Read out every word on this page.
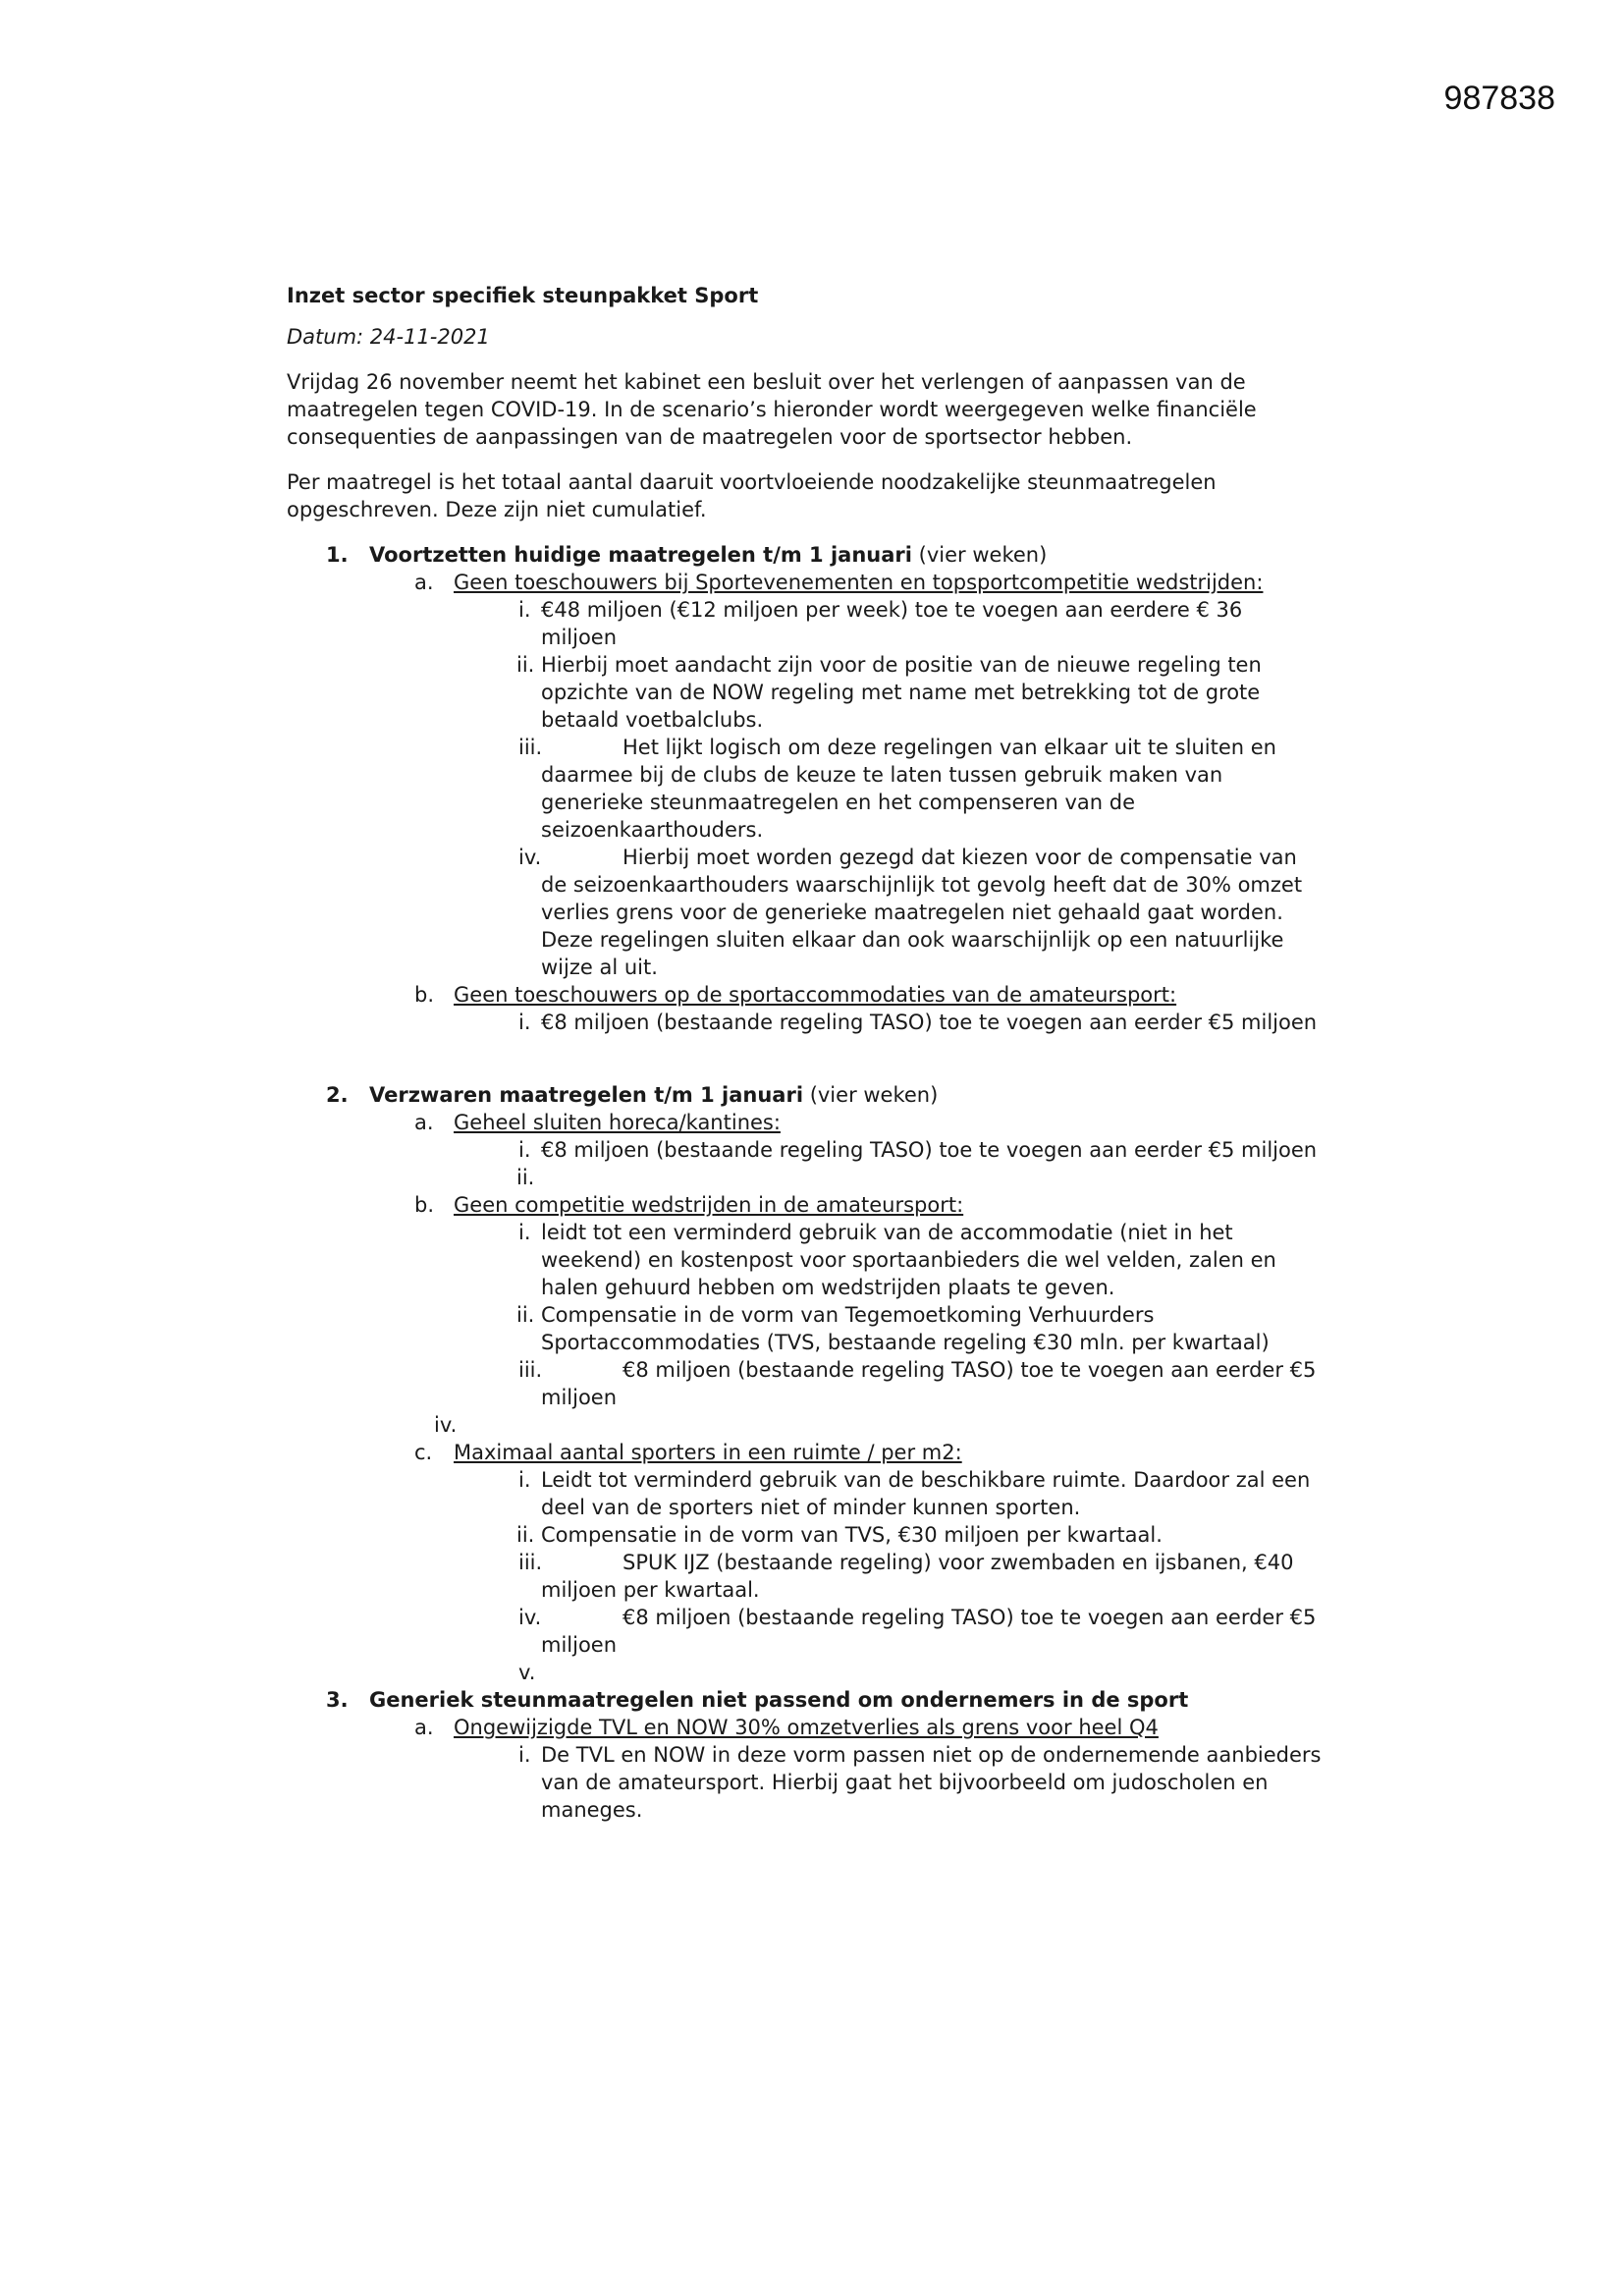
987838
Inzet sector specifiek steunpakket Sport
Datum: 24-11-2021
Vrijdag 26 november neemt het kabinet een besluit over het verlengen of aanpassen van de
maatregelen tegen COVID-19. In de scenario’s hieronder wordt weergegeven welke financiële
consequenties de aanpassingen van de maatregelen voor de sportsector hebben.
Per maatregel is het totaal aantal daaruit voortvloeiende noodzakelijke steunmaatregelen
opgeschreven. Deze zijn niet cumulatief.
1. Voortzetten huidige maatregelen t/m 1 januari (vier weken)
a. Geen toeschouwers bij Sportevenementen en topsportcompetitie wedstrijden:
i. €48 miljoen (€12 miljoen per week) toe te voegen aan eerdere € 36
miljoen
ii. Hierbij moet aandacht zijn voor de positie van de nieuwe regeling ten
opzichte van de NOW regeling met name met betrekking tot de grote
betaald voetbalclubs.
iii.	Het lijkt logisch om deze regelingen van elkaar uit te sluiten en
daarmee bij de clubs de keuze te laten tussen gebruik maken van
generieke steunmaatregelen en het compenseren van de
seizoenkaarthouders.
iv.	Hierbij moet worden gezegd dat kiezen voor de compensatie van
de seizoenkaarthouders waarschijnlijk tot gevolg heeft dat de 30% omzet
verlies grens voor de generieke maatregelen niet gehaald gaat worden.
Deze regelingen sluiten elkaar dan ook waarschijnlijk op een natuurlijke
wijze al uit.
b. Geen toeschouwers op de sportaccommodaties van de amateursport:
i. €8 miljoen (bestaande regeling TASO) toe te voegen aan eerder €5 miljoen
2. Verzwaren maatregelen t/m 1 januari (vier weken)
a. Geheel sluiten horeca/kantines:
i. €8 miljoen (bestaande regeling TASO) toe te voegen aan eerder €5 miljoen
ii.

b. Geen competitie wedstrijden in de amateursport:
i. leidt tot een verminderd gebruik van de accommodatie (niet in het
weekend) en kostenpost voor sportaanbieders die wel velden, zalen en
halen gehuurd hebben om wedstrijden plaats te geven.
ii. Compensatie in de vorm van Tegemoetkoming Verhuurders
Sportaccommodaties (TVS, bestaande regeling €30 mln. per kwartaal)
iii.	€8 miljoen (bestaande regeling TASO) toe te voegen aan eerder €5
miljoen
iv.
c. Maximaal aantal sporters in een ruimte / per m2:
i. Leidt tot verminderd gebruik van de beschikbare ruimte. Daardoor zal een
deel van de sporters niet of minder kunnen sporten.
ii. Compensatie in de vorm van TVS, €30 miljoen per kwartaal.
iii.	SPUK IJZ (bestaande regeling) voor zwembaden en ijsbanen, €40
miljoen per kwartaal.
iv.	€8 miljoen (bestaande regeling TASO) toe te voegen aan eerder €5
miljoen
v.

3. Generiek steunmaatregelen niet passend om ondernemers in de sport
a. Ongewijzigde TVL en NOW 30% omzetverlies als grens voor heel Q4
i. De TVL en NOW in deze vorm passen niet op de ondernemende aanbieders
van de amateursport. Hierbij gaat het bijvoorbeeld om judoscholen en
maneges.
